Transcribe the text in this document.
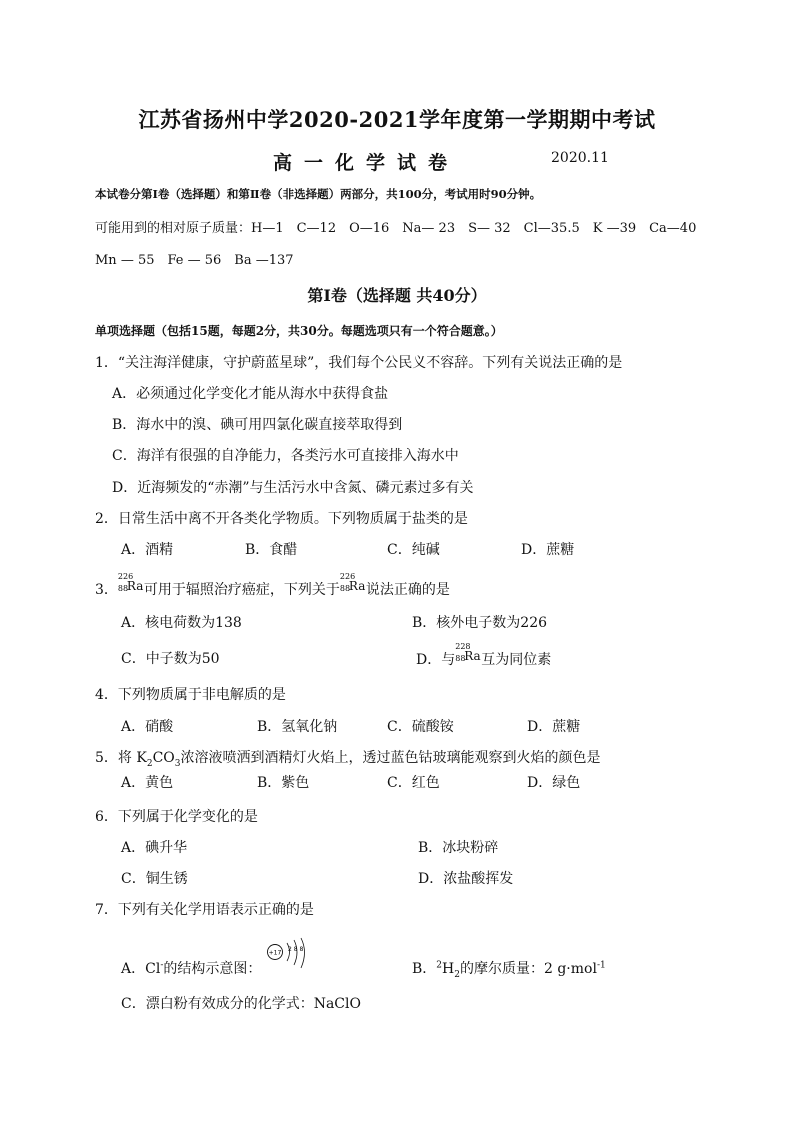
江苏省扬州中学2020-2021学年度第一学期期中考试
高一化学试卷	2020.11
本试卷分第Ⅰ卷（选择题）和第Ⅱ卷（非选择题）两部分，共100分，考试用时90分钟。
可能用到的相对原子质量：H—1　C—12　O—16　Na— 23　S— 32　Cl—35.5　K —39　Ca—40
Mn — 55　Fe — 56　Ba —137
第Ⅰ卷（选择题 共40分）
单项选择题（包括15题，每题2分，共30分。每题选项只有一个符合题意。）
1．“关注海洋健康，守护蔚蓝星球”，我们每个公民义不容辞。下列有关说法正确的是
A．必须通过化学变化才能从海水中获得食盐
B．海水中的溴、碘可用四氯化碳直接萃取得到
C．海洋有很强的自净能力，各类污水可直接排入海水中
D．近海频发的“赤潮”与生活污水中含氮、磷元素过多有关
2．日常生活中离不开各类化学物质。下列物质属于盐类的是
A．酒精	B．食醋	C．纯碱	D．蔗糖
3．
226
88
Ra 可用于辐照治疗癌症，下列关于
226
88
Ra 说法正确的是
A．核电荷数为138	B．核外电子数为226
C．中子数为50	D．与
228
88
Ra 互为同位素
4．下列物质属于非电解质的是
A．硝酸	B．氢氧化钠	C．硫酸铵	D．蔗糖
5．将 $K_2CO_3$浓溶液喷洒到酒精灯火焰上，透过蓝色钴玻璃能观察到火焰的颜色是
A．黄色	B．紫色	C．红色	D．绿色
6．下列属于化学变化的是
A．碘升华	B．冰块粉碎
C．铜生锈	D．浓盐酸挥发
7．下列有关化学用语表示正确的是
A．Cl-的结构示意图：
+17 2 8 8
B．$^2H_2$的摩尔质量：2 g·mol$^{-1}$
C．漂白粉有效成分的化学式：NaClO
